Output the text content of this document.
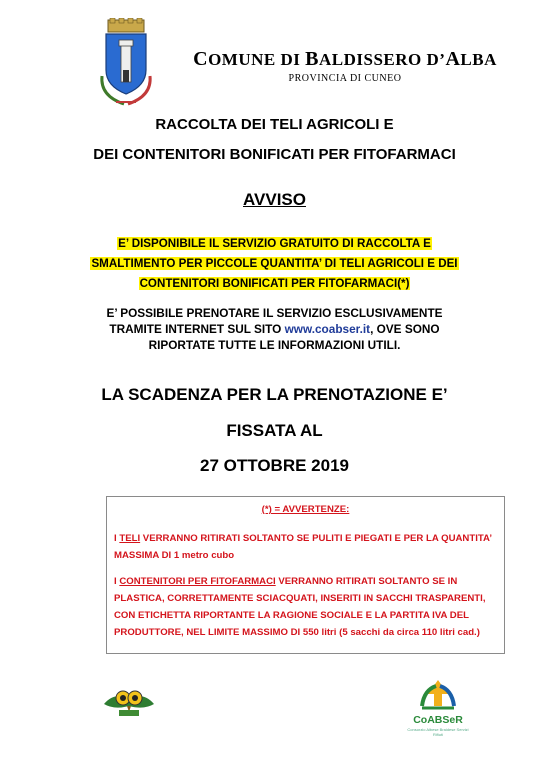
COMUNE DI BALDISSERO D’ALBA
PROVINCIA DI CUNEO
RACCOLTA DEI TELI AGRICOLI E
DEI CONTENITORI BONIFICATI PER FITOFARMACI
AVVISO
E’ DISPONIBILE IL SERVIZIO GRATUITO DI RACCOLTA E
SMALTIMENTO PER PICCOLE QUANTITA’ DI TELI AGRICOLI E DEI
CONTENITORI BONIFICATI PER FITOFARMACI(*)
E’ POSSIBILE PRENOTARE IL SERVIZIO ESCLUSIVAMENTE
TRAMITE INTERNET SUL SITO www.coabser.it, OVE SONO
RIPORTATE TUTTE LE INFORMAZIONI UTILI.
LA SCADENZA PER LA PRENOTAZIONE E’
FISSATA AL
27 OTTOBRE 2019
(*) = AVVERTENZE:
I TELI VERRANNO RITIRATI SOLTANTO SE PULITI E PIEGATI E PER LA QUANTITA’ MASSIMA DI 1 metro cubo
I CONTENITORI PER FITOFARMACI VERRANNO RITIRATI SOLTANTO SE IN PLASTICA, CORRETTAMENTE SCIACQUATI, INSERITI IN SACCHI TRASPARENTI, CON ETICHETTA RIPORTANTE LA RAGIONE SOCIALE E LA PARTITA IVA DEL PRODUTTORE, NEL LIMITE MASSIMO DI 550 litri (5 sacchi da circa 110 litri cad.)
CoABSeR
Consorzio Albese Braidese Servizi Rifiuti
